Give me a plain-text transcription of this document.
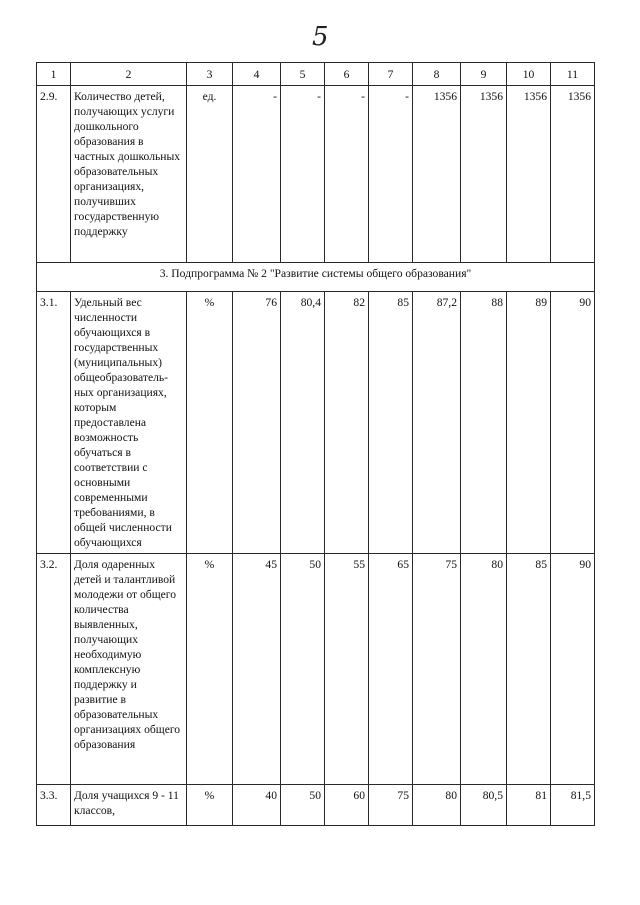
5
1	2	3	4	5	6	7	8	9	10	11
2.9.	Количество детей, получающих услуги дошкольного образования в частных дошкольных образовательных организациях, получивших государственную поддержку	ед.	-	-	-	-	1356	1356	1356	1356
3. Подпрограмма № 2 "Развитие системы общего образования"										
3.1.	Удельный вес численности обучающихся в государственных (муниципальных) общеобразователь-ных организациях, которым предоставлена возможность обучаться в соответствии с основными современными требованиями, в общей численности обучающихся	%	76	80,4	82	85	87,2	88	89	90
3.2.	Доля одаренных детей и талантливой молодежи от общего количества выявленных, получающих необходимую комплексную поддержку и развитие в образовательных организациях общего образования	%	45	50	55	65	75	80	85	90
3.3.	Доля учащихся 9 - 11 классов,	%	40	50	60	75	80	80,5	81	81,5
